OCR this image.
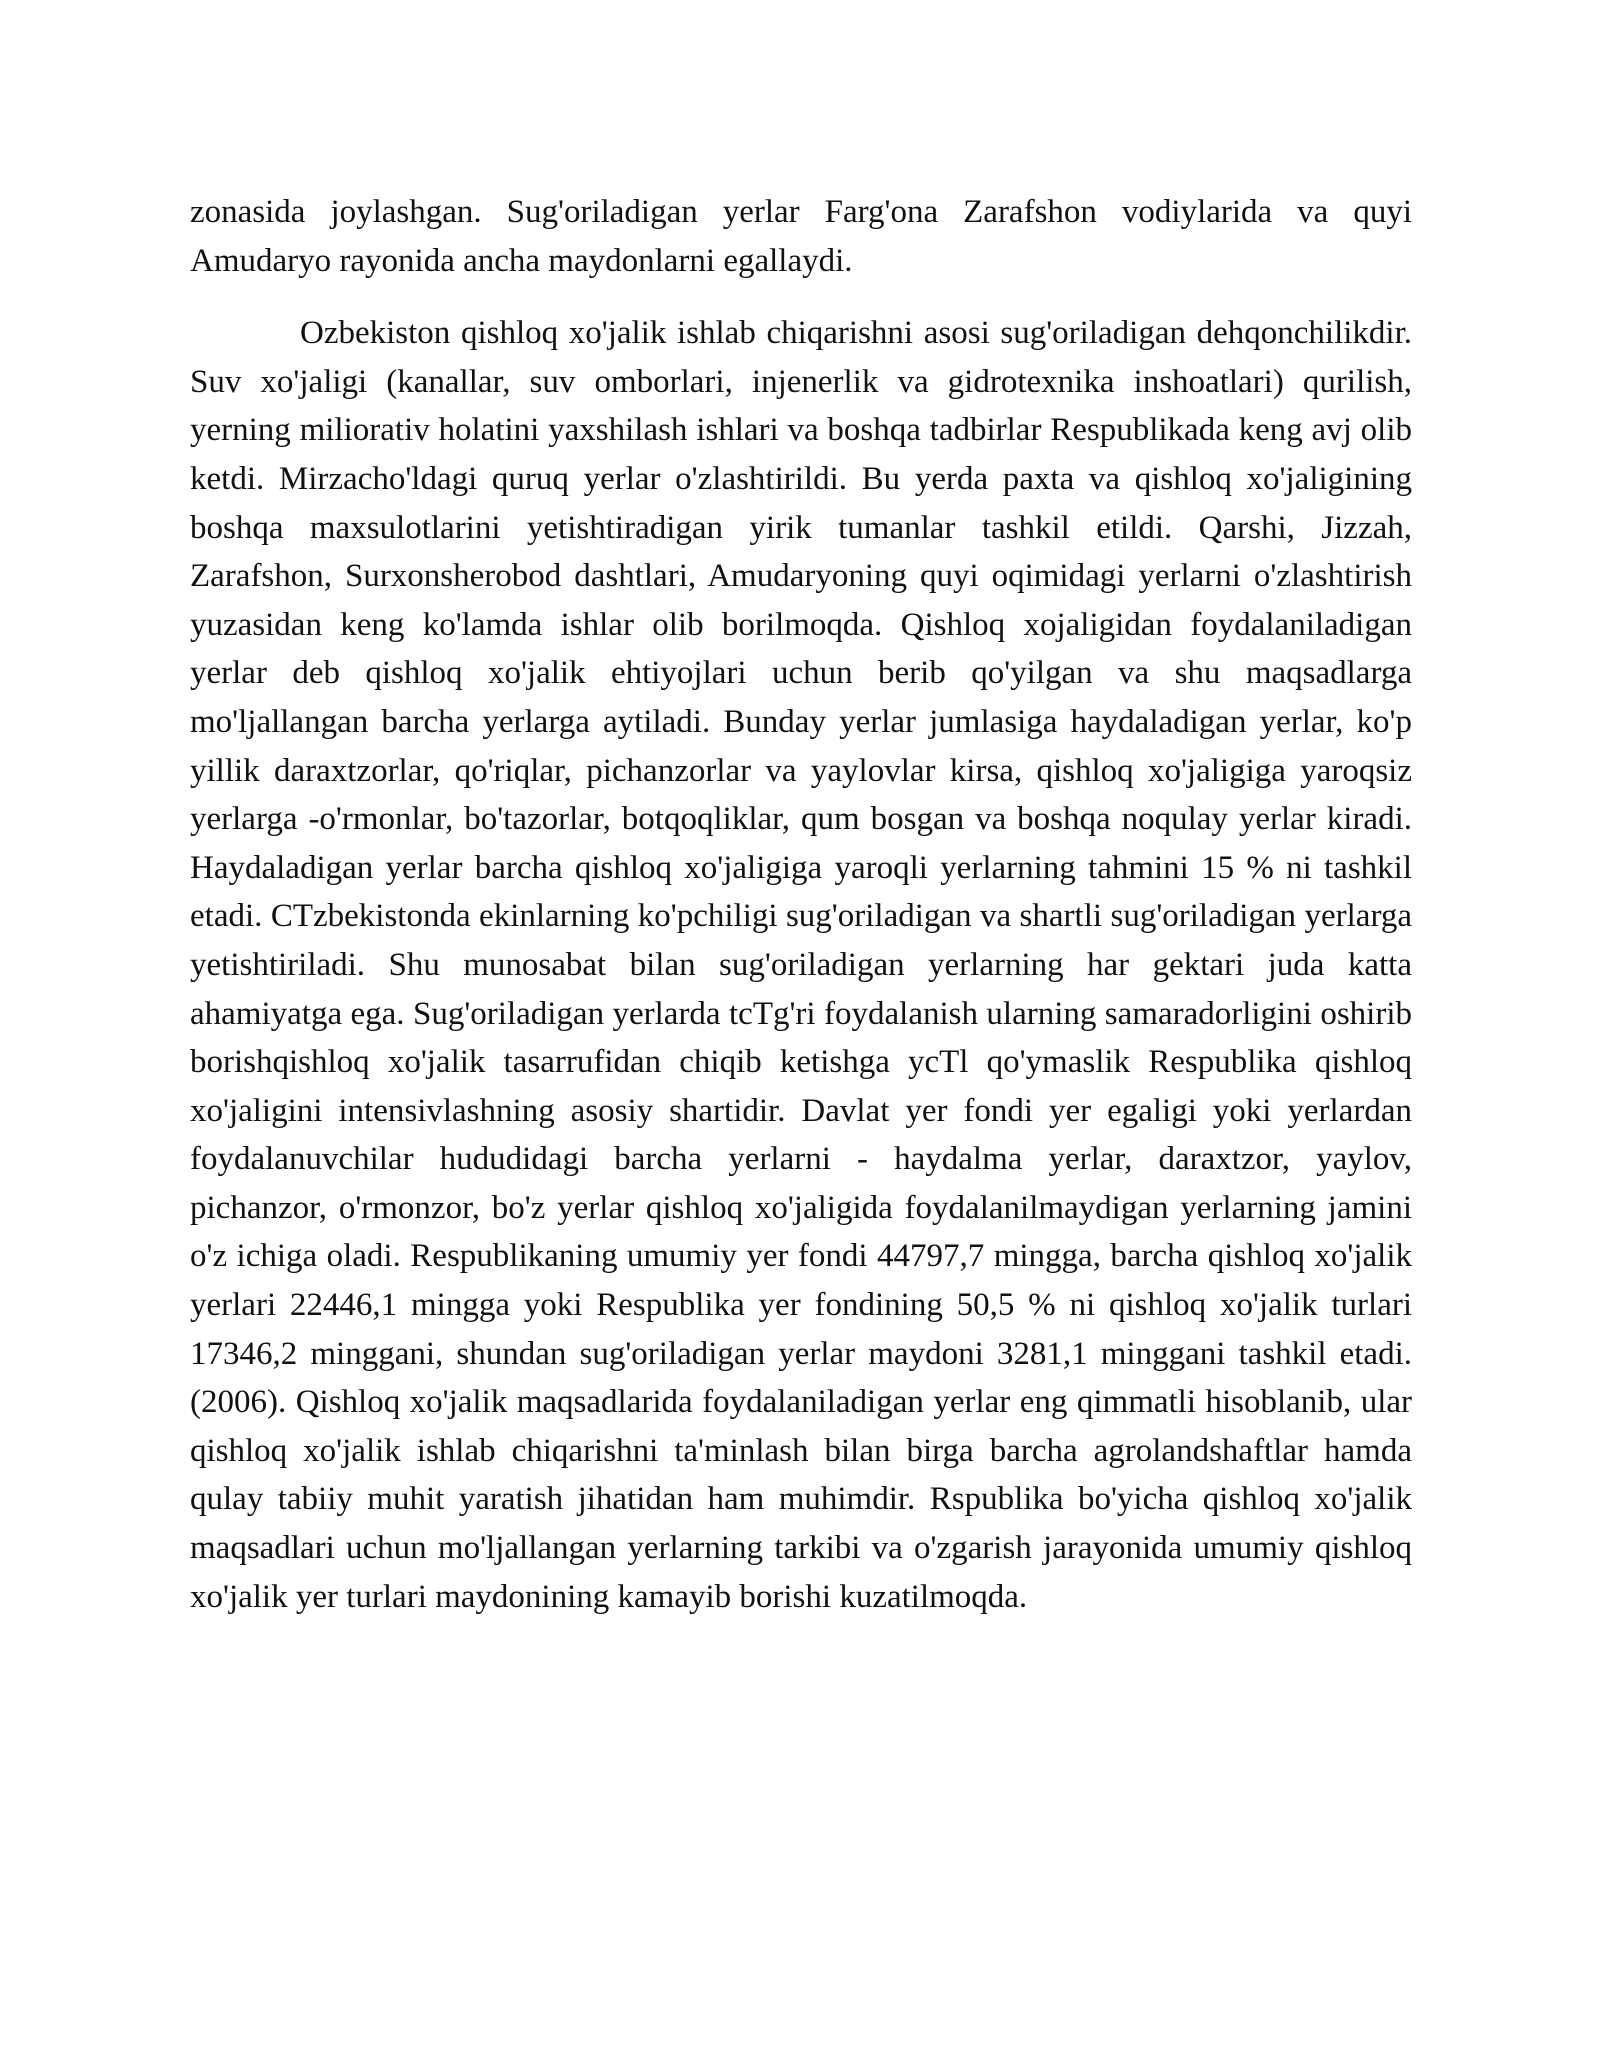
zonasida joylashgan. Sug'oriladigan yerlar Farg'ona Zarafshon vodiylarida va quyi Amudaryo rayonida ancha maydonlarni egallaydi.

Ozbekiston qishloq xo'jalik ishlab chiqarishni asosi sug'oriladigan dehqonchilikdir. Suv xo'jaligi (kanallar, suv omborlari, injenerlik va gidrotexnika inshoatlari) qurilish, yerning miliorativ holatini yaxshilash ishlari va boshqa tadbirlar Respublikada keng avj olib ketdi. Mirzacho'ldagi quruq yerlar o'zlashtirildi. Bu yerda paxta va qishloq xo'jaligining boshqa maxsulotlarini yetishtiradigan yirik tumanlar tashkil etildi. Qarshi, Jizzah, Zarafshon, Surxonsherobod dashtlari, Amudaryoning quyi oqimidagi yerlarni o'zlashtirish yuzasidan keng ko'lamda ishlar olib borilmoqda. Qishloq xojaligidan foydalaniladigan yerlar deb qishloq xo'jalik ehtiyojlari uchun berib qo'yilgan va shu maqsadlarga mo'ljallangan barcha yerlarga aytiladi. Bunday yerlar jumlasiga haydaladigan yerlar, ko'p yillik daraxtzorlar, qo'riqlar, pichanzorlar va yaylovlar kirsa, qishloq xo'jaligiga yaroqsiz yerlarga -o'rmonlar, bo'tazorlar, botqoqliklar, qum bosgan va boshqa noqulay yerlar kiradi. Haydaladigan yerlar barcha qishloq xo'jaligiga yaroqli yerlarning tahmini 15 % ni tashkil etadi. CTzbekistonda ekinlarning ko'pchiligi sug'oriladigan va shartli sug'oriladigan yerlarga yetishtiriladi. Shu munosabat bilan sug'oriladigan yerlarning har gektari juda katta ahamiyatga ega. Sug'oriladigan yerlarda tcTg'ri foydalanish ularning samaradorligini oshirib borishqishloq xo'jalik tasarrufidan chiqib ketishga ycTl qo'ymaslik Respublika qishloq xo'jaligini intensivlashning asosiy shartidir. Davlat yer fondi yer egaligi yoki yerlardan foydalanuvchilar hududidagi barcha yerlarni - haydalma yerlar, daraxtzor, yaylov, pichanzor, o'rmonzor, bo'z yerlar qishloq xo'jaligida foydalanilmaydigan yerlarning jamini o'z ichiga oladi. Respublikaning umumiy yer fondi 44797,7 mingga, barcha qishloq xo'jalik yerlari 22446,1 mingga yoki Respublika yer fondining 50,5 % ni qishloq xo'jalik turlari 17346,2 minggani, shundan sug'oriladigan yerlar maydoni 3281,1 minggani tashkil etadi. (2006). Qishloq xo'jalik maqsadlarida foydalaniladigan yerlar eng qimmatli hisoblanib, ular qishloq xo'jalik ishlab chiqarishni ta'minlash bilan birga barcha agrolandshaftlar hamda qulay tabiiy muhit yaratish jihatidan ham muhimdir. Rspublika bo'yicha qishloq xo'jalik maqsadlari uchun mo'ljallangan yerlarning tarkibi va o'zgarish jarayonida umumiy qishloq xo'jalik yer turlari maydonining kamayib borishi kuzatilmoqda.
